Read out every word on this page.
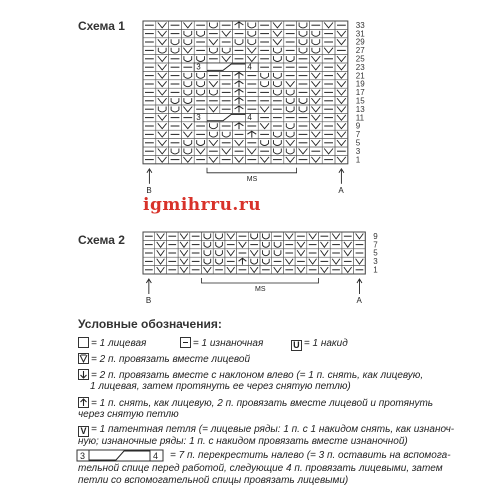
Схема 1	33
31
29
27
25
3	4	23
21
19
17
15
13
3	4	11
9
7
5
3
1
MS
B	A
igmihrru.ru
Схема 2	9
7
5
3
1
MS
B	A
Условные обозначения:
= 1 лицевая	= 1 изнаночная	U = 1 накид
= 2 п. провязать вместе лицевой
= 2 п. провязать вместе с наклоном влево (= 1 п. снять, как лицевую,
1 лицевая, затем протянуть ее через снятую петлю)
= 1 п. снять, как лицевую, 2 п. провязать вместе лицевой и протянуть
через снятую петлю
V = 1 патентная петля (= лицевые ряды: 1 п. с 1 накидом снять, как изнаноч-
ную; изнаночные ряды: 1 п. с накидом провязать вместе изнаночной)
3	4 = 7 п. перекрестить налево (= 3 п. оставить на вспомога-
тельной спице перед работой, следующие 4 п. провязать лицевыми, затем
петли со вспомогательной спицы провязать лицевыми)
